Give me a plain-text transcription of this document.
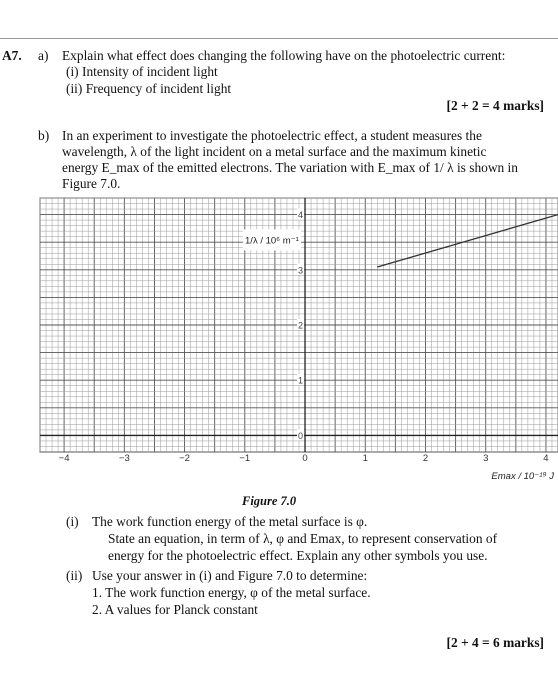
A7. a) Explain what effect does changing the following have on the photoelectric current:
(i) Intensity of incident light
(ii) Frequency of incident light
[2 + 2 = 4 marks]
b) In an experiment to investigate the photoelectric effect, a student measures the
wavelength, λ of the light incident on a metal surface and the maximum kinetic
energy E_max of the emitted electrons. The variation with E_max of 1/ λ is shown in
Figure 7.0.
−4	−3	−2	−1	0	1	2	3	4
0
1
2
3
4
1/λ / 10⁶ m⁻¹
Emax / 10⁻¹⁹ J
Figure 7.0
(i) The work function energy of the metal surface is φ.
State an equation, in term of λ, φ and Emax, to represent conservation of
energy for the photoelectric effect. Explain any other symbols you use.
(ii) Use your answer in (i) and Figure 7.0 to determine:
1. The work function energy, φ of the metal surface.
2. A values for Planck constant
[2 + 4 = 6 marks]
